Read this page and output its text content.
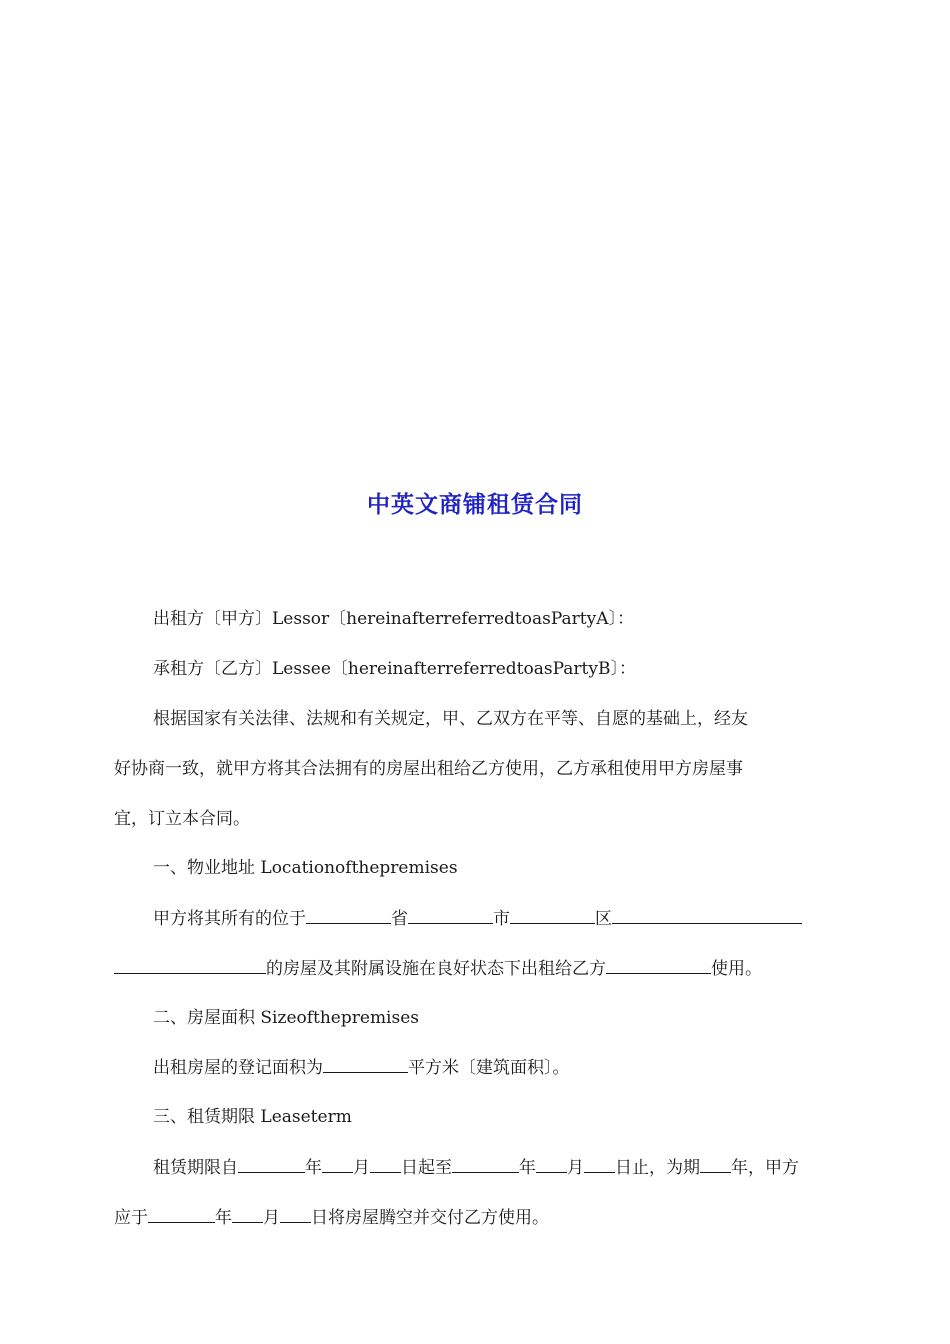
中英文商铺租赁合同
出租方〔甲方〕Lessor〔hereinafterreferredtoasPartyA〕：
承租方〔乙方〕Lessee〔hereinafterreferredtoasPartyB〕：
根据国家有关法律、法规和有关规定，甲、乙双方在平等、自愿的基础上，经友
好协商一致，就甲方将其合法拥有的房屋出租给乙方使用，乙方承租使用甲方房屋事
宜，订立本合同。
一、物业地址 Locationofthepremises
甲方将其所有的位于	省	市	区
的房屋及其附属设施在良好状态下出租给乙方	使用。
二、房屋面积 Sizeofthepremises
出租房屋的登记面积为	平方米〔建筑面积〕。
三、租赁期限 Leaseterm
租赁期限自	年 月 日起至	年 月 日止，为期 年，甲方
应于	年 月 日将房屋腾空并交付乙方使用。
